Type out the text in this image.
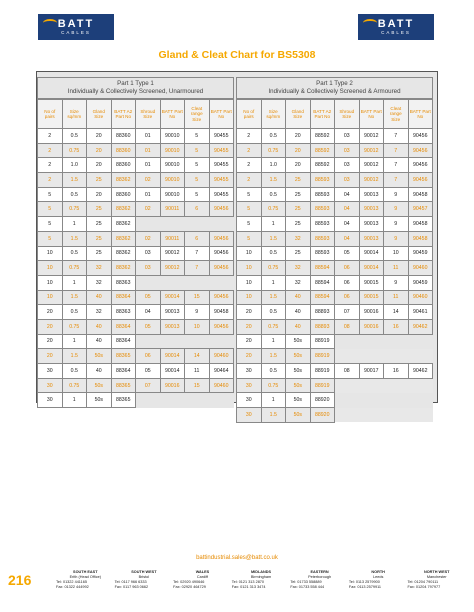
BATT
CABLES
BATT
CABLES
Gland & Cleat Chart for BS5308
Part 1 Type 1
Individually & Collectively Screened, Unarmoured
Part 1 Type 2
Individually & Collectively Screened & Armoured
No of pairs	Size sq/mm	Gland Size	BATT A2 Part No	Shroud Size	BATT Part No	Cleat range Size	BATT Part No
2	0.5	20	88360	01	90010	5	90455
2	0.75	20	88360	01	90010	5	90455
2	1.0	20	88360	01	90010	5	90455
2	1.5	25	88362	02	90010	5	90455
5	0.5	20	88360	01	90010	5	90455
5	0.75	25	88362	02	90011	6	90456
5	1	25	88362				
5	1.5	25	88362	02	90011	6	90456
10	0.5	25	88362	03	90012	7	90456
10	0.75	32	88362	03	90012	7	90456
10	1	32	88363				
10	1.5	40	88364	05	90014	15	90456
20	0.5	32	88363	04	90013	9	90458
20	0.75	40	88364	05	90013	10	90456
20	1	40	88364				
20	1.5	50s	88365	06	90014	14	90460
30	0.5	40	88364	05	90014	11	90464
30	0.75	50s	88365	07	90016	15	90460
30	1	50s	88365				
No of pairs	Size sq/mm	Gland Size	BATT A2 Part No	Shroud Size	BATT Part No	Cleat range Size	BATT Part No
2	0.5	20	88592	03	90012	7	90456
2	0.75	20	88592	03	90012	7	90456
2	1.0	20	88592	03	90012	7	90456
2	1.5	25	88593	03	90012	7	90456
5	0.5	25	88593	04	90013	9	90458
5	0.75	25	88593	04	90013	9	90457
5	1	25	88593	04	90013	9	90458
5	1.5	32	88593	04	90013	9	90458
10	0.5	25	88593	05	90014	10	90459
10	0.75	32	88594	06	90014	11	90460
10	1	32	88594	06	90015	9	90459
10	1.5	40	88594	06	90015	11	90460
20	0.5	40	88893	07	90016	14	90461
20	0.75	40	88893	08	90016	16	90462
20	1	50s	88919				
20	1.5	50s	88919				
30	0.5	50s	88919	08	90017	16	90462
30	0.75	50s	88919				
30	1	50s	88920				
30	1.5	50s	88920				
battindustrial.sales@batt.co.uk
216	SOUTH EAST
Erith (Head Office)
Tel: 01322 441165
Fax: 01322 444992
SOUTH WEST
Bristol
Tel: 0117 966 6333
Fax: 0117 963 0662
WALES
Cardiff
Tel: 02920 490646
Fax: 02920 464729
MIDLANDS
Birmingham
Tel: 0121 313 2870
Fax: 0121 313 3474
EASTERN
Peterborough
Tel: 01733 558889
Fax: 01733 558 444
NORTH
Leeds
Tel: 0113 2579900
Fax: 0113 2579911
NORTH WEST
Manchester
Tel: 01204 790111
Fax: 01204 797977
